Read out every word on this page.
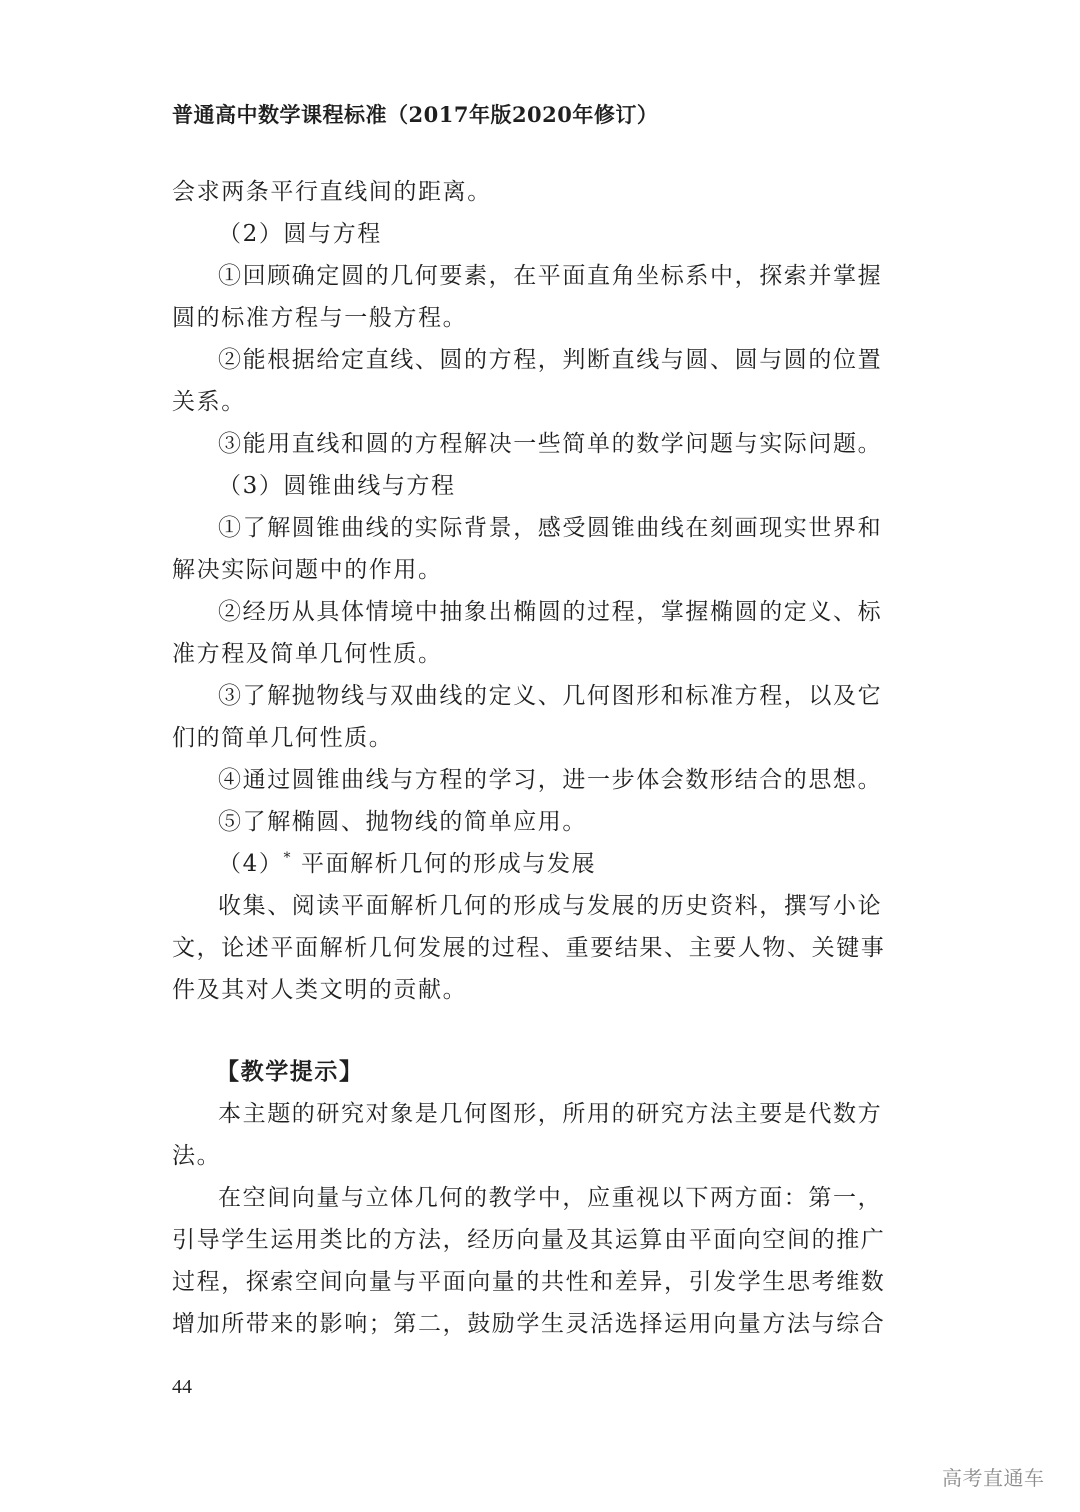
普通高中数学课程标准（2017年版2020年修订）

会求两条平行直线间的距离。

（2）圆与方程

①回顾确定圆的几何要素，在平面直角坐标系中，探索并掌握圆的标准方程与一般方程。

②能根据给定直线、圆的方程，判断直线与圆、圆与圆的位置关系。

③能用直线和圆的方程解决一些简单的数学问题与实际问题。

（3）圆锥曲线与方程

①了解圆锥曲线的实际背景，感受圆锥曲线在刻画现实世界和解决实际问题中的作用。

②经历从具体情境中抽象出椭圆的过程，掌握椭圆的定义、标准方程及简单几何性质。

③了解抛物线与双曲线的定义、几何图形和标准方程，以及它们的简单几何性质。

④通过圆锥曲线与方程的学习，进一步体会数形结合的思想。

⑤了解椭圆、抛物线的简单应用。

（4）* 平面解析几何的形成与发展

收集、阅读平面解析几何的形成与发展的历史资料，撰写小论文，论述平面解析几何发展的过程、重要结果、主要人物、关键事件及其对人类文明的贡献。

【教学提示】

本主题的研究对象是几何图形，所用的研究方法主要是代数方法。

在空间向量与立体几何的教学中，应重视以下两方面：第一，引导学生运用类比的方法，经历向量及其运算由平面向空间的推广过程，探索空间向量与平面向量的共性和差异，引发学生思考维数增加所带来的影响；第二，鼓励学生灵活选择运用向量方法与综合

44
高考直通车
